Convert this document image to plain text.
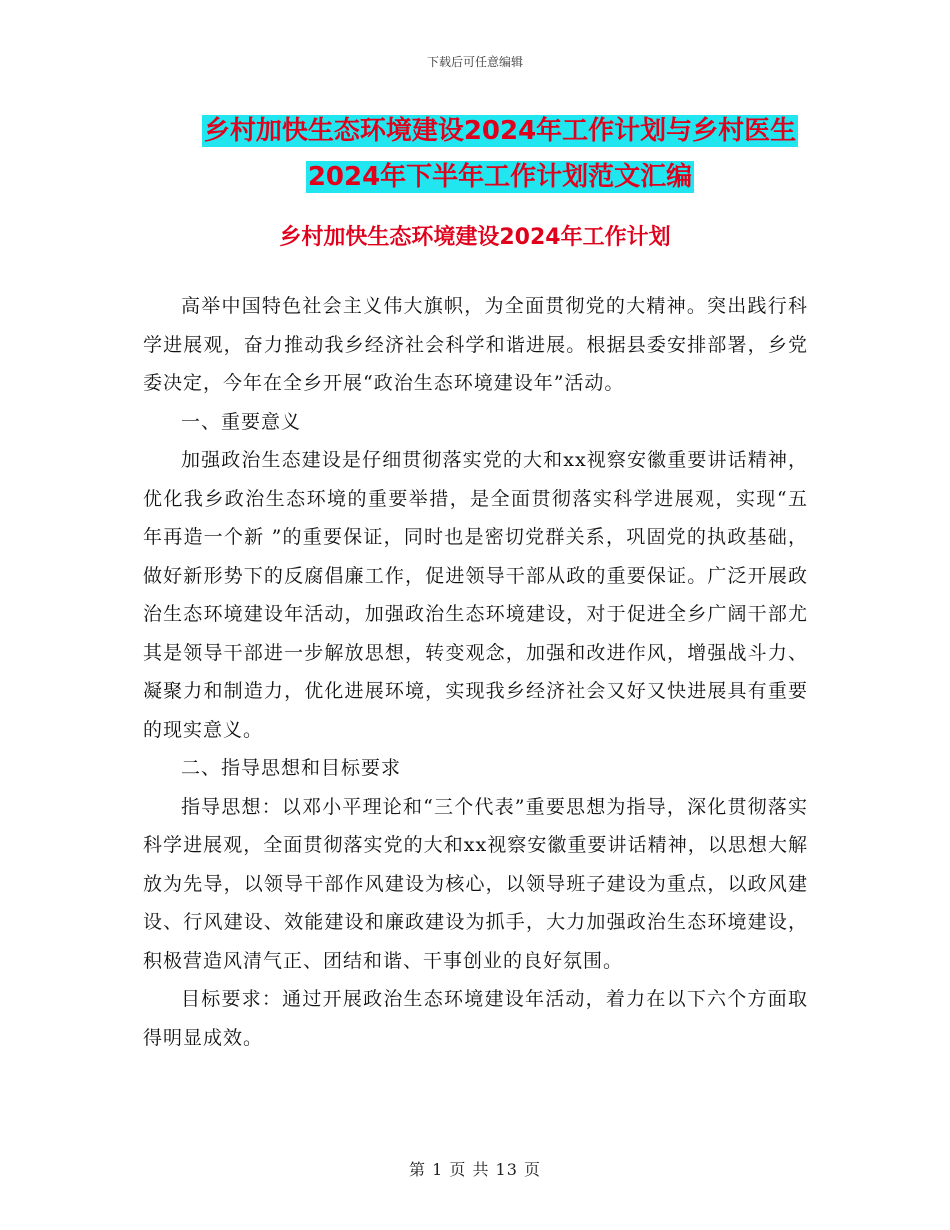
下载后可任意编辑
乡村加快生态环境建设2024年工作计划与乡村医生
2024年下半年工作计划范文汇编
乡村加快生态环境建设2024年工作计划

高举中国特色社会主义伟大旗帜，为全面贯彻党的大精神。突出践行科学进展观，奋力推动我乡经济社会科学和谐进展。根据县委安排部署，乡党委决定，今年在全乡开展“政治生态环境建设年”活动。

一、重要意义

加强政治生态建设是仔细贯彻落实党的大和xx视察安徽重要讲话精神，优化我乡政治生态环境的重要举措，是全面贯彻落实科学进展观，实现“五年再造一个新 ”的重要保证，同时也是密切党群关系，巩固党的执政基础，做好新形势下的反腐倡廉工作，促进领导干部从政的重要保证。广泛开展政治生态环境建设年活动，加强政治生态环境建设，对于促进全乡广阔干部尤其是领导干部进一步解放思想，转变观念，加强和改进作风，增强战斗力、凝聚力和制造力，优化进展环境，实现我乡经济社会又好又快进展具有重要的现实意义。

二、指导思想和目标要求

指导思想：以邓小平理论和“三个代表”重要思想为指导，深化贯彻落实科学进展观，全面贯彻落实党的大和xx视察安徽重要讲话精神，以思想大解放为先导，以领导干部作风建设为核心，以领导班子建设为重点，以政风建设、行风建设、效能建设和廉政建设为抓手，大力加强政治生态环境建设，积极营造风清气正、团结和谐、干事创业的良好氛围。

目标要求：通过开展政治生态环境建设年活动，着力在以下六个方面取得明显成效。

第 1 页 共 13 页
